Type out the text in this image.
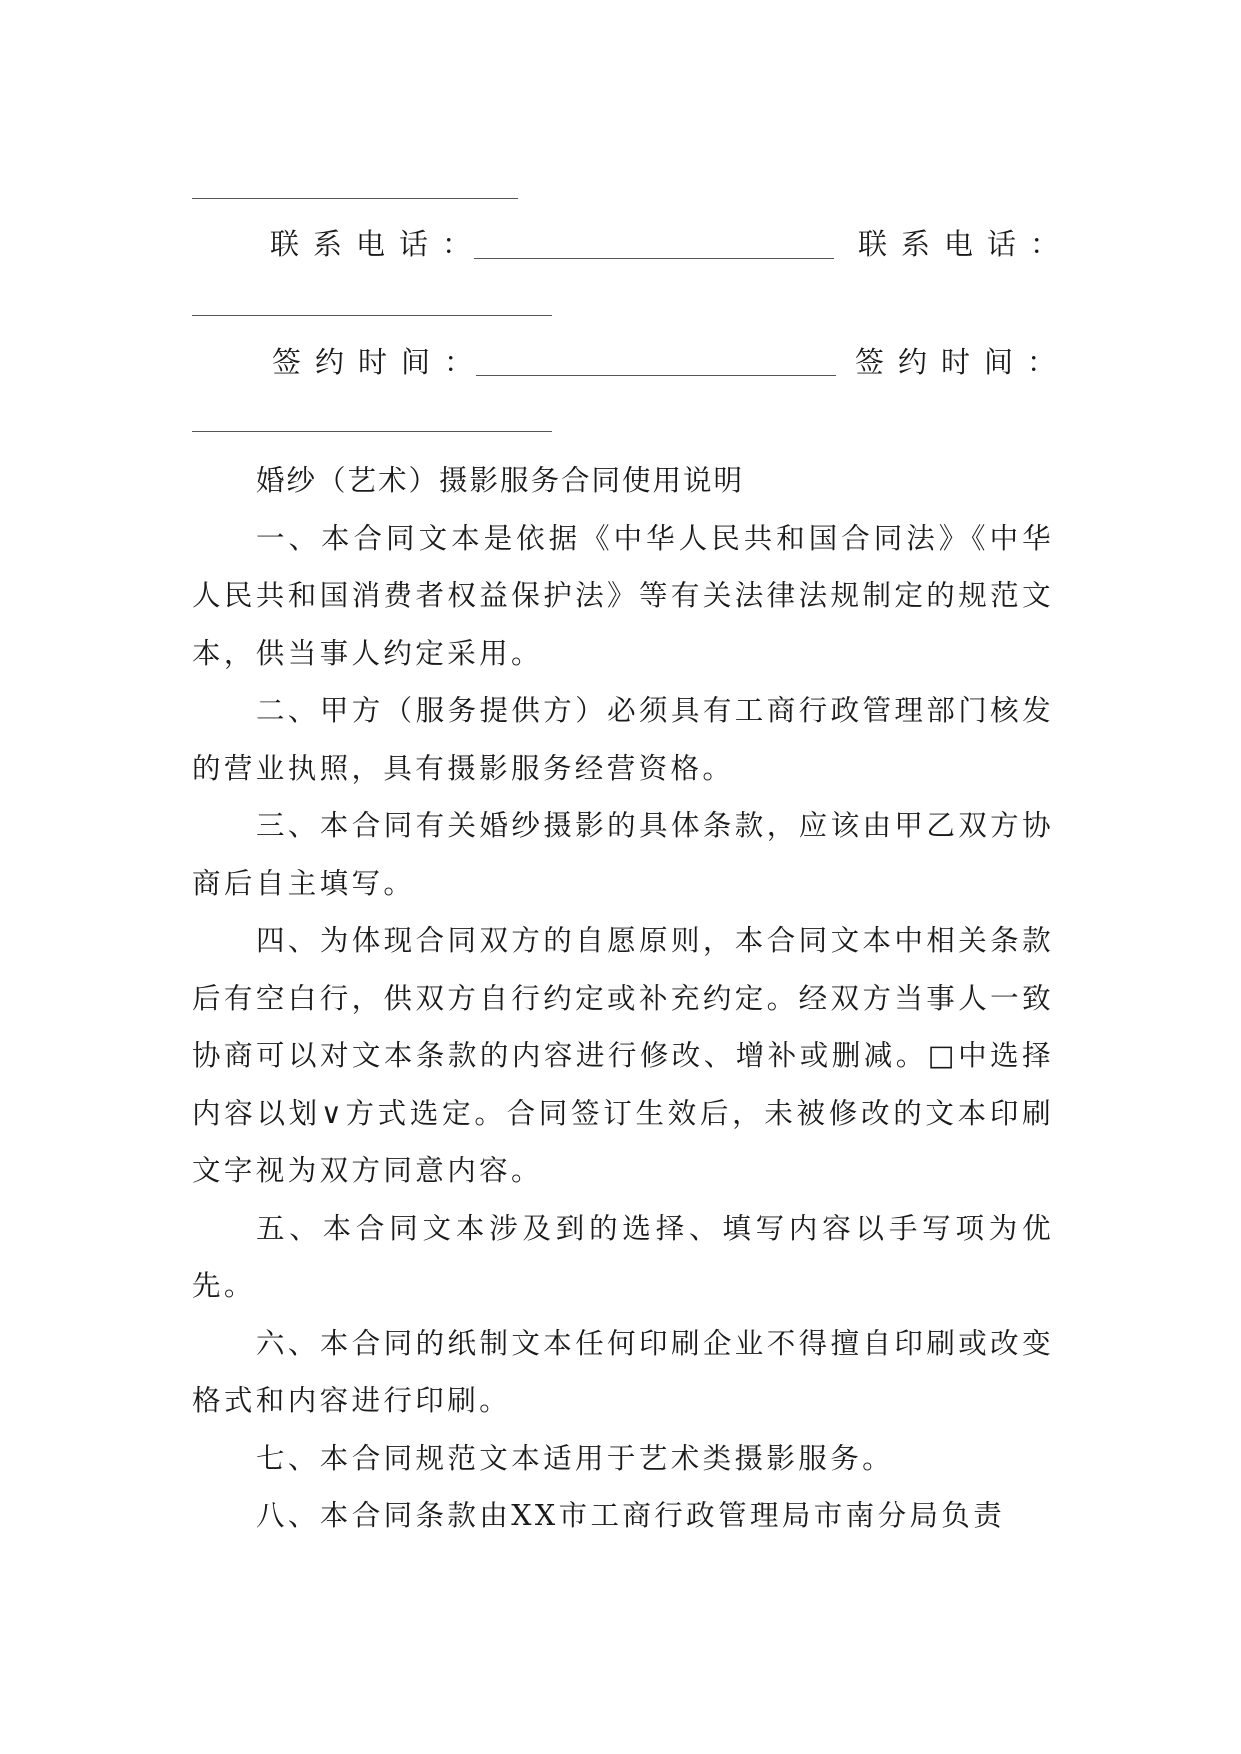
联系电话：	联系电话：
签约时间：	签约时间：

婚纱（艺术）摄影服务合同使用说明

一、本合同文本是依据《中华人民共和国合同法》《中华人民共和国消费者权益保护法》等有关法律法规制定的规范文本，供当事人约定采用。

二、甲方（服务提供方）必须具有工商行政管理部门核发的营业执照，具有摄影服务经营资格。

三、本合同有关婚纱摄影的具体条款，应该由甲乙双方协商后自主填写。

四、为体现合同双方的自愿原则，本合同文本中相关条款后有空白行，供双方自行约定或补充约定。经双方当事人一致协商可以对文本条款的内容进行修改、增补或删减。□中选择内容以划∨方式选定。合同签订生效后，未被修改的文本印刷文字视为双方同意内容。

五、本合同文本涉及到的选择、填写内容以手写项为优先。

六、本合同的纸制文本任何印刷企业不得擅自印刷或改变格式和内容进行印刷。

七、本合同规范文本适用于艺术类摄影服务。

八、本合同条款由XX市工商行政管理局市南分局负责
